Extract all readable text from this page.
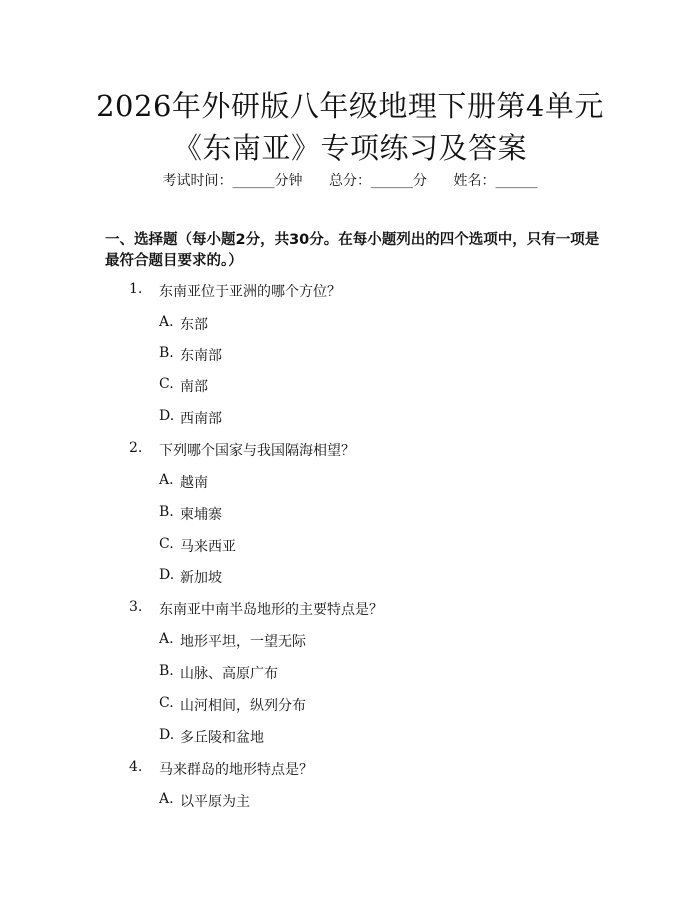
2026年外研版八年级地理下册第4单元《东南亚》专项练习及答案
考试时间：______分钟 总分：______分 姓名：______

一、选择题（每小题2分，共30分。在每小题列出的四个选项中，只有一项是最符合题目要求的。）

1. 东南亚位于亚洲的哪个方位？
A. 东部
B. 东南部
C. 南部
D. 西南部
2. 下列哪个国家与我国隔海相望？
A. 越南
B. 柬埔寨
C. 马来西亚
D. 新加坡
3. 东南亚中南半岛地形的主要特点是？
A. 地形平坦，一望无际
B. 山脉、高原广布
C. 山河相间，纵列分布
D. 多丘陵和盆地
4. 马来群岛的地形特点是？
A. 以平原为主
